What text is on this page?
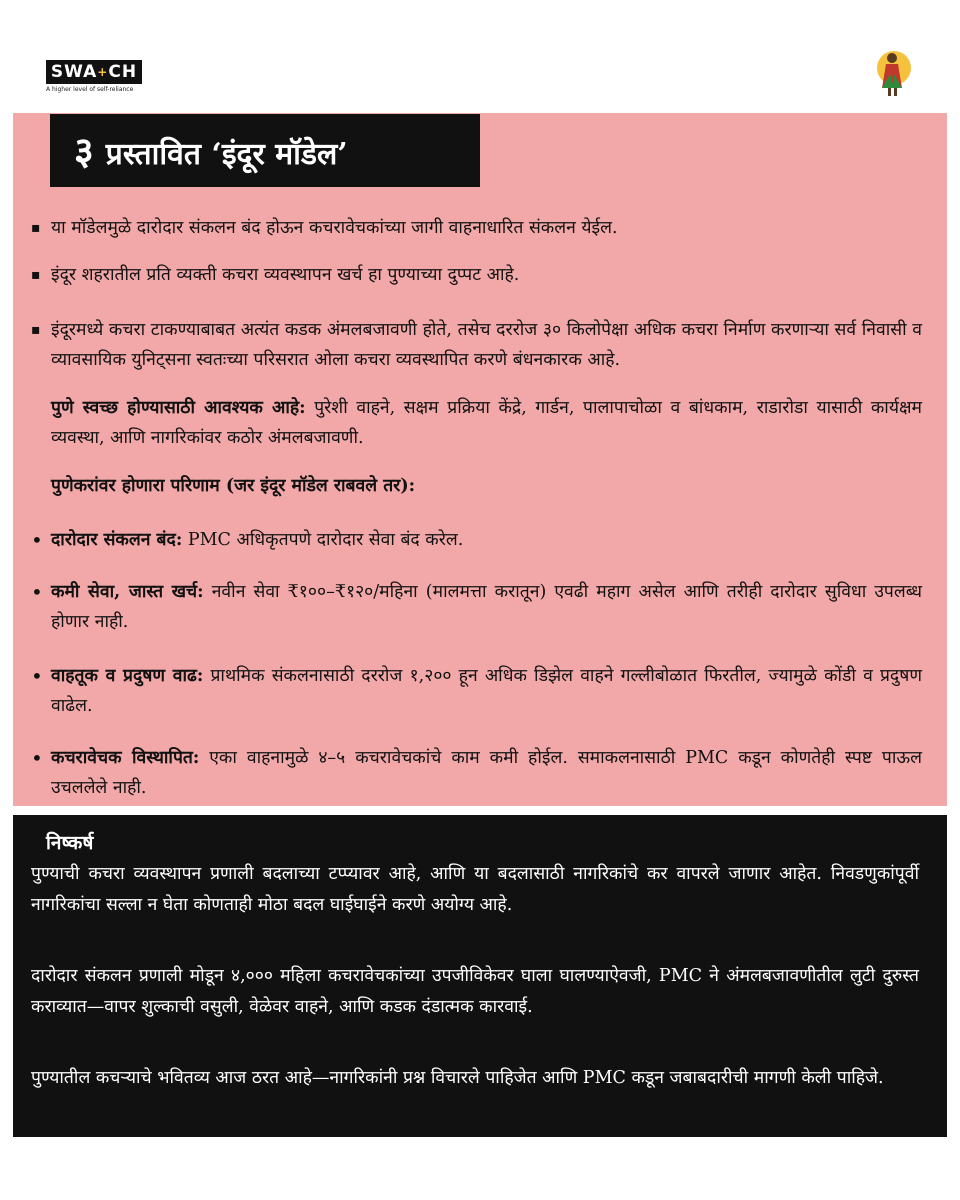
SWA+CH
A higher level of self-reliance
३ प्रस्तावित ‘इंदूर मॉडेल’
▪ या मॉडेलमुळे दारोदार संकलन बंद होऊन कचरावेचकांच्या जागी वाहनाधारित संकलन येईल.
▪ इंदूर शहरातील प्रति व्यक्ती कचरा व्यवस्थापन खर्च हा पुण्याच्या दुप्पट आहे.
▪ इंदूरमध्ये कचरा टाकण्याबाबत अत्यंत कडक अंमलबजावणी होते, तसेच दररोज ३० किलोपेक्षा अधिक कचरा निर्माण करणाऱ्या सर्व निवासी व व्यावसायिक युनिट्सना स्वतःच्या परिसरात ओला कचरा व्यवस्थापित करणे बंधनकारक आहे.
पुणे स्वच्छ होण्यासाठी आवश्यक आहे: पुरेशी वाहने, सक्षम प्रक्रिया केंद्रे, गार्डन, पालापाचोळा व बांधकाम, राडारोडा यासाठी कार्यक्षम व्यवस्था, आणि नागरिकांवर कठोर अंमलबजावणी.
पुणेकरांवर होणारा परिणाम (जर इंदूर मॉडेल राबवले तर):
• दारोदार संकलन बंद: PMC अधिकृतपणे दारोदार सेवा बंद करेल.
• कमी सेवा, जास्त खर्च: नवीन सेवा ₹१००–₹१२०/महिना (मालमत्ता करातून) एवढी महाग असेल आणि तरीही दारोदार सुविधा उपलब्ध होणार नाही.
• वाहतूक व प्रदुषण वाढ: प्राथमिक संकलनासाठी दररोज १,२०० हून अधिक डिझेल वाहने गल्लीबोळात फिरतील, ज्यामुळे कोंडी व प्रदुषण वाढेल.
• कचरावेचक विस्थापित: एका वाहनामुळे ४–५ कचरावेचकांचे काम कमी होईल. समाकलनासाठी PMC कडून कोणतेही स्पष्ट पाऊल उचललेले नाही.
निष्कर्ष
पुण्याची कचरा व्यवस्थापन प्रणाली बदलाच्या टप्प्यावर आहे, आणि या बदलासाठी नागरिकांचे कर वापरले जाणार आहेत. निवडणुकांपूर्वी नागरिकांचा सल्ला न घेता कोणताही मोठा बदल घाईघाईने करणे अयोग्य आहे.
दारोदार संकलन प्रणाली मोडून ४,००० महिला कचरावेचकांच्या उपजीविकेवर घाला घालण्याऐवजी, PMC ने अंमलबजावणीतील लुटी दुरुस्त कराव्यात—वापर शुल्काची वसुली, वेळेवर वाहने, आणि कडक दंडात्मक कारवाई.
पुण्यातील कचऱ्याचे भवितव्य आज ठरत आहे—नागरिकांनी प्रश्न विचारले पाहिजेत आणि PMC कडून जबाबदारीची मागणी केली पाहिजे.
